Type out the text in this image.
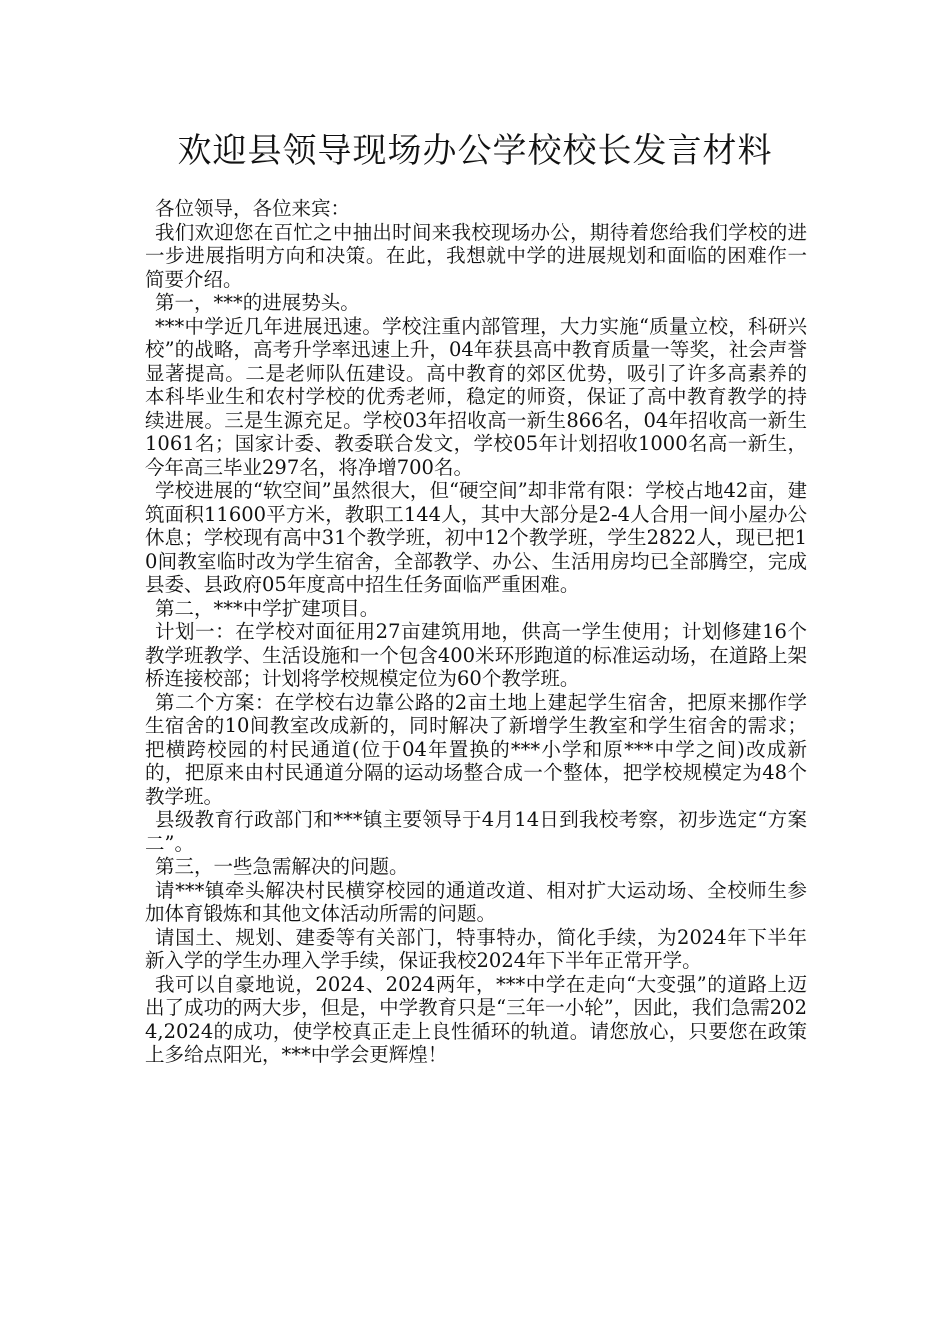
欢迎县领导现场办公学校校长发言材料

各位领导，各位来宾：

我们欢迎您在百忙之中抽出时间来我校现场办公，期待着您给我们学校的进一步进展指明方向和决策。在此，我想就中学的进展规划和面临的困难作一简要介绍。

第一，***的进展势头。

***中学近几年进展迅速。学校注重内部管理，大力实施“质量立校，科研兴校”的战略，高考升学率迅速上升，04年获县高中教育质量一等奖，社会声誉显著提高。二是老师队伍建设。高中教育的郊区优势，吸引了许多高素养的本科毕业生和农村学校的优秀老师，稳定的师资，保证了高中教育教学的持续进展。三是生源充足。学校03年招收高一新生866名，04年招收高一新生1061名；国家计委、教委联合发文，学校05年计划招收1000名高一新生，今年高三毕业297名，将净增700名。

学校进展的“软空间”虽然很大，但“硬空间”却非常有限：学校占地42亩，建筑面积11600平方米，教职工144人，其中大部分是2-4人合用一间小屋办公休息；学校现有高中31个教学班，初中12个教学班，学生2822人，现已把10间教室临时改为学生宿舍，全部教学、办公、生活用房均已全部腾空，完成县委、县政府05年度高中招生任务面临严重困难。

第二，***中学扩建项目。

计划一：在学校对面征用27亩建筑用地，供高一学生使用；计划修建16个教学班教学、生活设施和一个包含400米环形跑道的标准运动场，在道路上架桥连接校部；计划将学校规模定位为60个教学班。

第二个方案：在学校右边靠公路的2亩土地上建起学生宿舍，把原来挪作学生宿舍的10间教室改成新的，同时解决了新增学生教室和学生宿舍的需求；把横跨校园的村民通道(位于04年置换的***小学和原***中学之间)改成新的，把原来由村民通道分隔的运动场整合成一个整体，把学校规模定为48个教学班。

县级教育行政部门和***镇主要领导于4月14日到我校考察，初步选定“方案二”。

第三，一些急需解决的问题。

请***镇牵头解决村民横穿校园的通道改道、相对扩大运动场、全校师生参加体育锻炼和其他文体活动所需的问题。

请国土、规划、建委等有关部门，特事特办，简化手续，为2024年下半年新入学的学生办理入学手续，保证我校2024年下半年正常开学。

我可以自豪地说，2024、2024两年，***中学在走向“大变强”的道路上迈出了成功的两大步，但是，中学教育只是“三年一小轮”，因此，我们急需2024,2024的成功，使学校真正走上良性循环的轨道。请您放心，只要您在政策上多给点阳光，***中学会更辉煌！
